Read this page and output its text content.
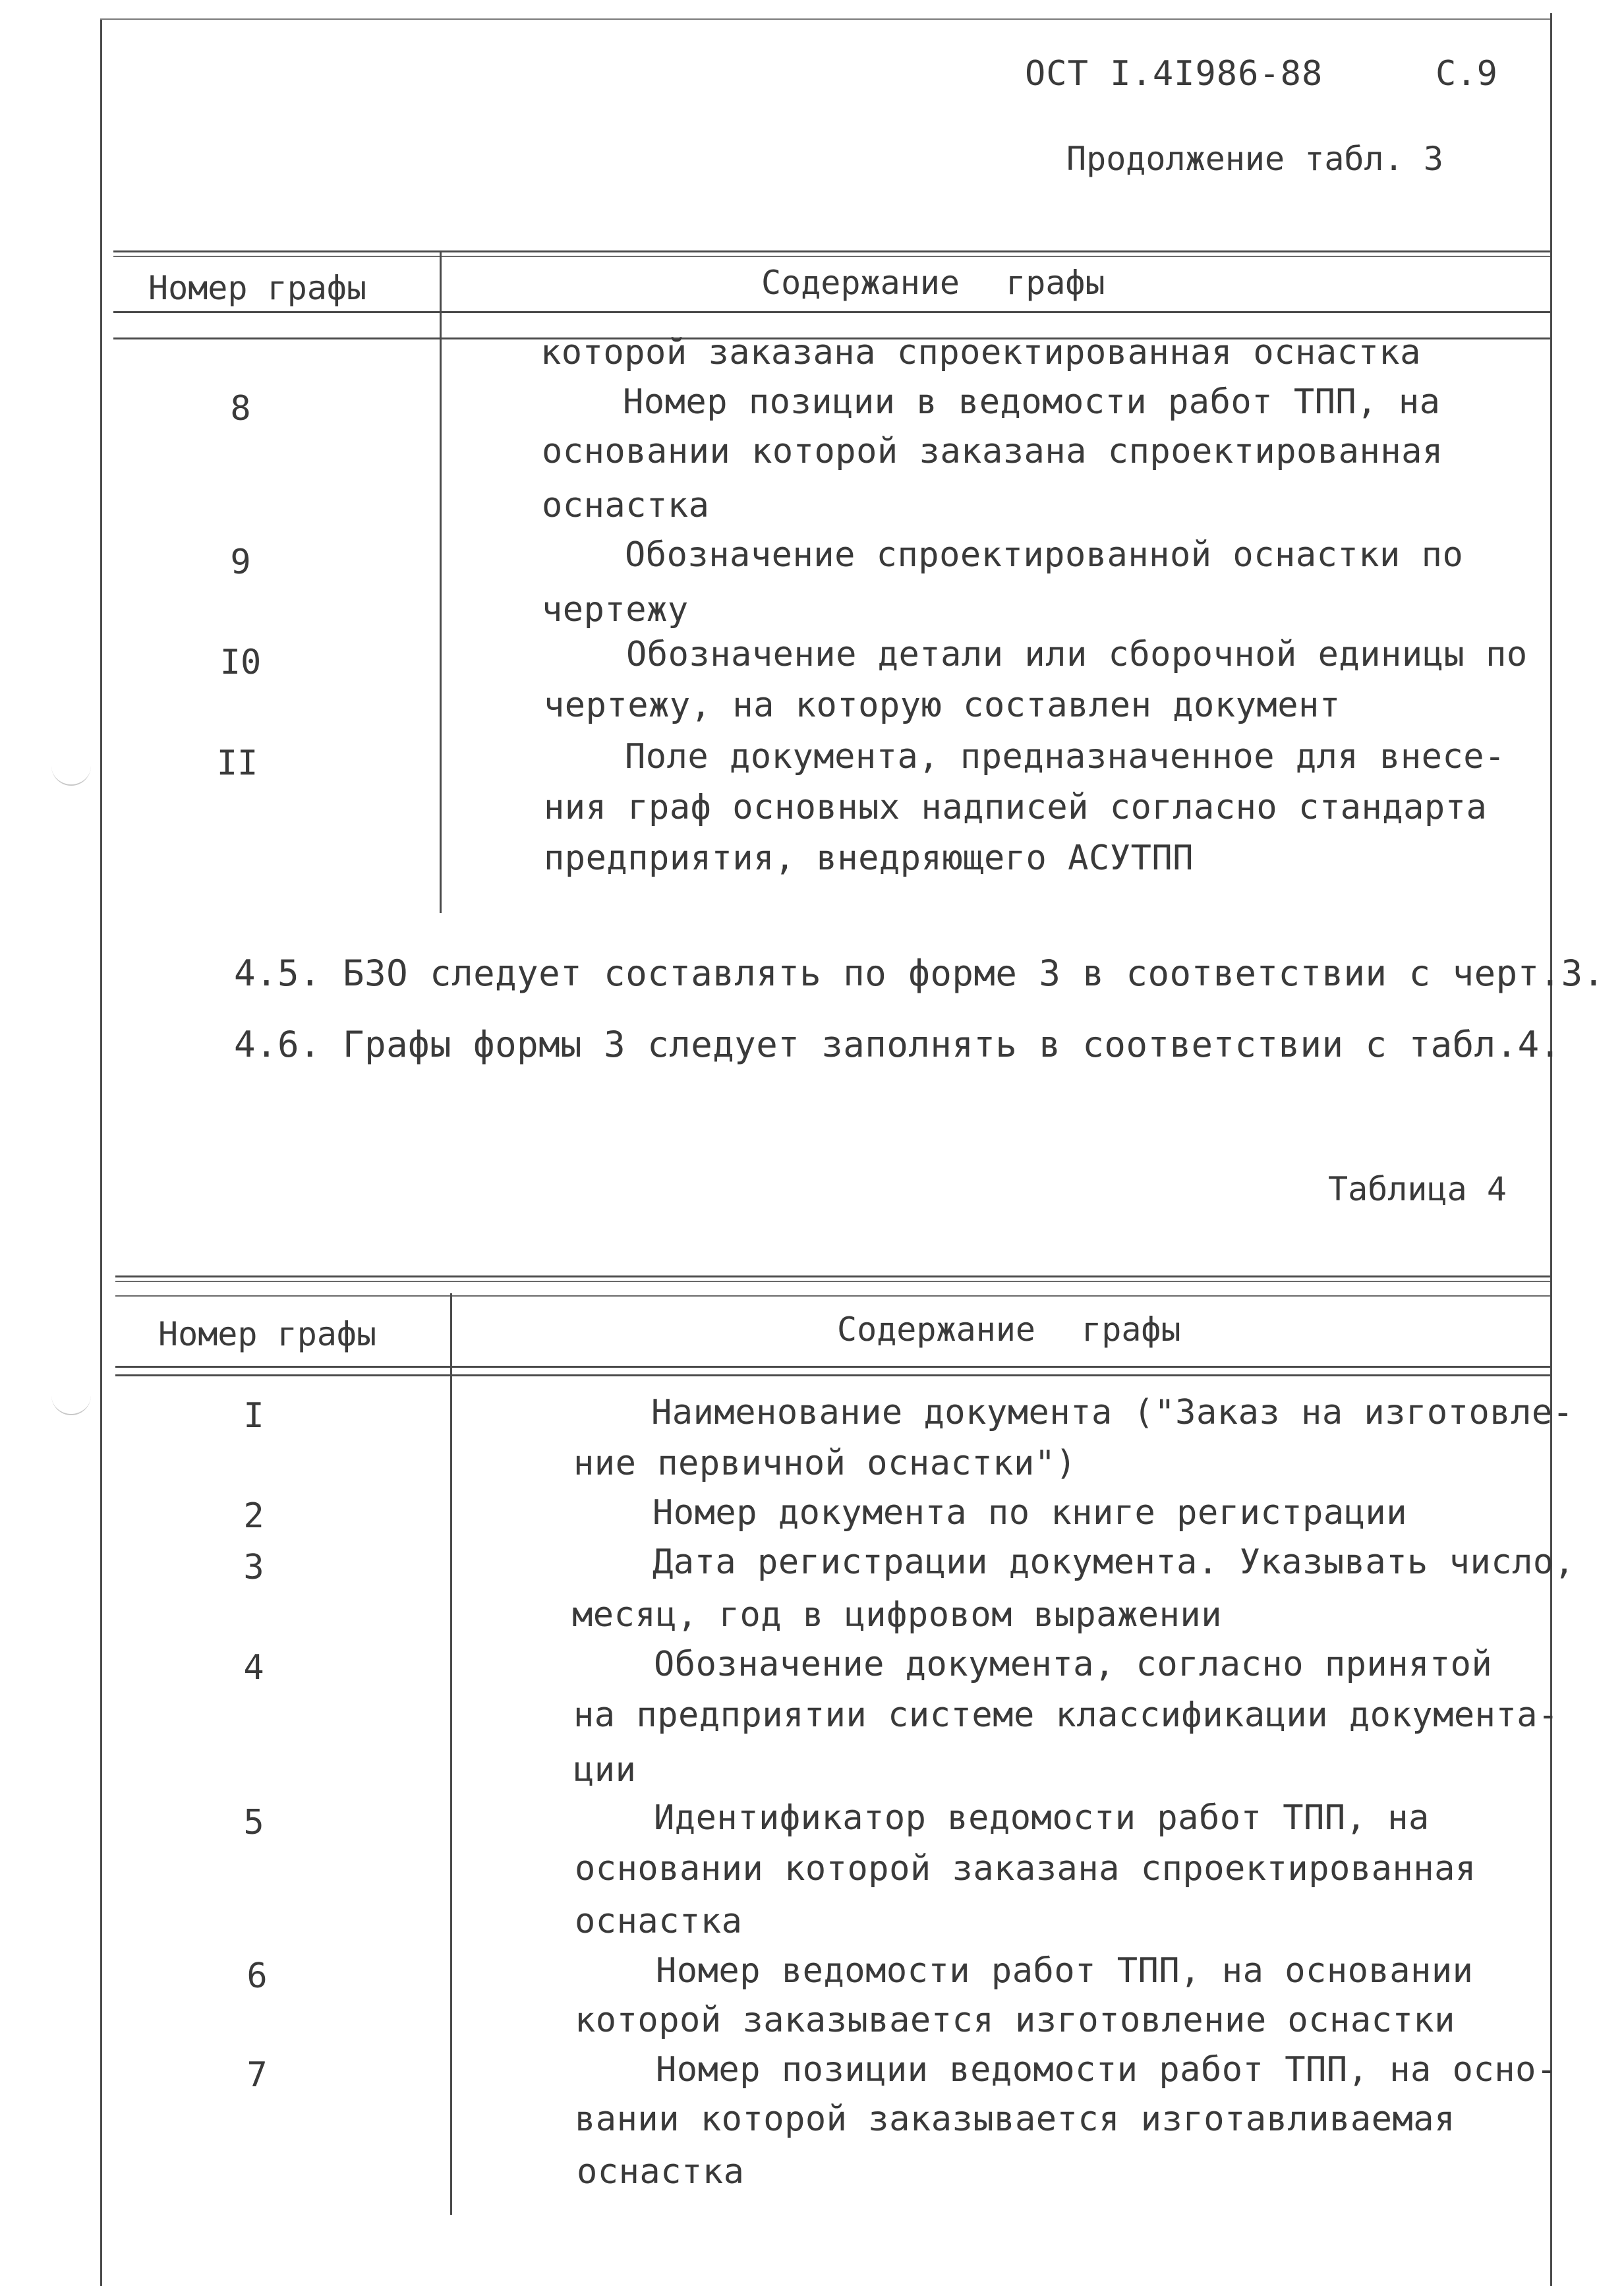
ОСТ I.4I986-88	С.9
Продолжение табл. 3
Номер графы	Содержание графы
которой заказана спроектированная оснастка
8	Номер позиции в ведомости работ ТПП, на
основании которой заказана спроектированная
оснастка
9	Обозначение спроектированной оснастки по
чертежу
I0	Обозначение детали или сборочной единицы по
чертежу, на которую составлен документ
II	Поле документа, предназначенное для внесе-
ния граф основных надписей согласно стандарта
предприятия, внедряющего АСУТПП
4.5. БЗО следует составлять по форме 3 в соответствии с черт.3.
4.6. Графы формы 3 следует заполнять в соответствии с табл.4.
Таблица 4
Номер графы	Содержание графы
I	Наименование документа ("Заказ на изготовле-
ние первичной оснастки")
2	Номер документа по книге регистрации
3	Дата регистрации документа. Указывать число,
месяц, год в цифровом выражении
4	Обозначение документа, согласно принятой
на предприятии системе классификации документа-
ции
5	Идентификатор ведомости работ ТПП, на
основании которой заказана спроектированная
оснастка
6	Номер ведомости работ ТПП, на основании
которой заказывается изготовление оснастки
7	Номер позиции ведомости работ ТПП, на осно-
вании которой заказывается изготавливаемая
оснастка
